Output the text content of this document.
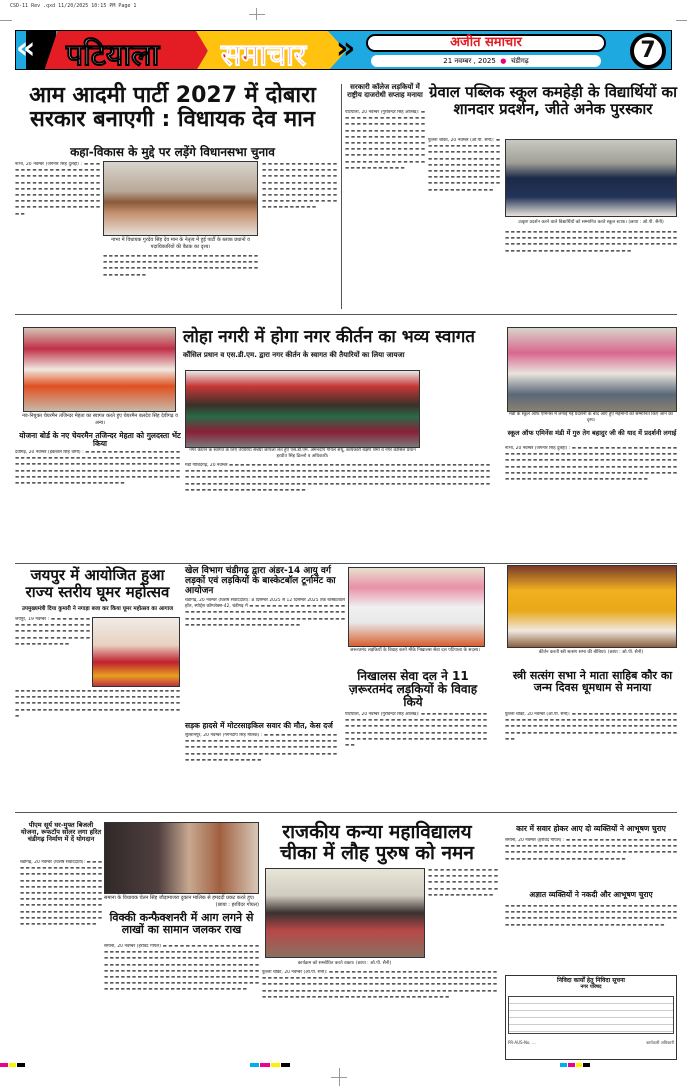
CSD-11 Rev .qxd 11/20/2025 10:15 PM Page 1
« पटियाला समाचार »	अजीत समाचार
21 नवम्बर , 2025  ●  चंडीगढ़	7
आम आदमी पार्टी 2027 में दोबारा सरकार बनाएगी : विधायक देव मान
कहा-विकास के मुद्दे पर लड़ेंगे विधानसभा चुनाव
नाभा, 20 नवम्बर (जगनार सिंह दुलद्दी) : ▬ ▬ ▬ ▬ ▬ ▬ ▬ ▬ ▬ ▬ ▬ ▬ ▬ ▬ ▬ ▬ ▬ ▬ ▬ ▬ ▬ ▬ ▬ ▬ ▬ ▬ ▬ ▬ ▬ ▬ ▬ ▬ ▬ ▬ ▬ ▬ ▬ ▬ ▬ ▬ ▬ ▬ ▬ ▬ ▬ ▬ ▬ ▬ ▬ ▬ ▬ ▬ ▬ ▬ ▬ ▬ ▬ ▬ ▬ ▬ ▬ ▬ ▬ ▬ ▬ ▬ ▬ ▬ ▬ ▬ ▬ ▬ ▬ ▬ ▬ ▬ ▬ ▬ ▬ ▬ ▬ ▬ ▬ ▬ ▬ ▬ ▬ ▬ ▬ ▬ ▬ ▬ ▬ ▬ ▬ ▬ ▬ ▬ ▬ ▬ ▬ ▬ ▬ ▬ ▬ ▬ ▬ ▬ ▬ ▬
नाभा में विधायक गुरदेव सिंह देव मान के नेतृत्व में हुई पार्टी के ब्लाक प्रधानों व पदाधिकारियों की बैठक का दृश्य।
▬ ▬ ▬ ▬ ▬ ▬ ▬ ▬ ▬ ▬ ▬ ▬ ▬ ▬ ▬ ▬ ▬ ▬ ▬ ▬ ▬ ▬ ▬ ▬ ▬ ▬ ▬ ▬ ▬ ▬ ▬ ▬ ▬ ▬ ▬ ▬ ▬ ▬ ▬ ▬ ▬ ▬ ▬ ▬ ▬ ▬ ▬ ▬ ▬ ▬ ▬ ▬ ▬ ▬ ▬ ▬ ▬ ▬ ▬ ▬ ▬ ▬ ▬ ▬ ▬ ▬ ▬ ▬ ▬ ▬ ▬ ▬ ▬ ▬ ▬ ▬ ▬ ▬ ▬ ▬ ▬ ▬ ▬ ▬ ▬ ▬ ▬ ▬ ▬ ▬ ▬ ▬
▬ ▬ ▬ ▬ ▬ ▬ ▬ ▬ ▬ ▬ ▬ ▬ ▬ ▬ ▬ ▬ ▬ ▬ ▬ ▬ ▬ ▬ ▬ ▬ ▬ ▬ ▬ ▬ ▬ ▬ ▬ ▬ ▬ ▬ ▬ ▬ ▬ ▬ ▬ ▬ ▬ ▬ ▬ ▬ ▬ ▬ ▬ ▬ ▬ ▬ ▬ ▬ ▬ ▬ ▬ ▬ ▬ ▬ ▬ ▬ ▬ ▬ ▬ ▬ ▬ ▬ ▬ ▬ ▬ ▬ ▬ ▬ ▬ ▬ ▬ ▬ ▬ ▬ ▬ ▬ ▬ ▬ ▬ ▬ ▬ ▬ ▬ ▬ ▬ ▬ ▬ ▬ ▬ ▬ ▬ ▬ ▬ ▬ ▬ ▬ ▬
सरकारी कॉलेज लड़कियों में राष्ट्रीय दाजरोधी सप्ताह मनाया
पटियाला, 20 नवम्बर (गुरविन्दर सिंह औलख): ▬ ▬ ▬ ▬ ▬ ▬ ▬ ▬ ▬ ▬ ▬ ▬ ▬ ▬ ▬ ▬ ▬ ▬ ▬ ▬ ▬ ▬ ▬ ▬ ▬ ▬ ▬ ▬ ▬ ▬ ▬ ▬ ▬ ▬ ▬ ▬ ▬ ▬ ▬ ▬ ▬ ▬ ▬ ▬ ▬ ▬ ▬ ▬ ▬ ▬ ▬ ▬ ▬ ▬ ▬ ▬ ▬ ▬ ▬ ▬ ▬ ▬ ▬ ▬ ▬ ▬ ▬ ▬ ▬ ▬ ▬ ▬ ▬ ▬ ▬ ▬ ▬ ▬ ▬ ▬ ▬ ▬ ▬ ▬ ▬ ▬ ▬ ▬ ▬ ▬ ▬ ▬ ▬ ▬ ▬ ▬ ▬ ▬ ▬ ▬ ▬ ▬ ▬ ▬ ▬ ▬ ▬ ▬ ▬ ▬ ▬ ▬ ▬ ▬ ▬ ▬ ▬ ▬ ▬ ▬ ▬ ▬ ▬ ▬
ग्रेवाल पब्लिक स्कूल कमहेड़ी के विद्यार्थियों का शानदार प्रदर्शन, जीते अनेक पुरस्कार
फुल्ला चौका, 20 नवम्बर (ओ.पी. सैनी): ▬ ▬ ▬ ▬ ▬ ▬ ▬ ▬ ▬ ▬ ▬ ▬ ▬ ▬ ▬ ▬ ▬ ▬ ▬ ▬ ▬ ▬ ▬ ▬ ▬ ▬ ▬ ▬ ▬ ▬ ▬ ▬ ▬ ▬ ▬ ▬ ▬ ▬ ▬ ▬ ▬ ▬ ▬ ▬ ▬ ▬ ▬ ▬ ▬ ▬ ▬ ▬ ▬ ▬ ▬ ▬ ▬ ▬ ▬ ▬ ▬ ▬ ▬ ▬ ▬ ▬ ▬ ▬ ▬ ▬ ▬ ▬ ▬ ▬ ▬ ▬ ▬ ▬ ▬ ▬ ▬ ▬ ▬ ▬ ▬ ▬ ▬ ▬ ▬ ▬ ▬ ▬ ▬ ▬ ▬ ▬ ▬ ▬ ▬ ▬ ▬ ▬ ▬ ▬
उत्कृष्ट प्रदर्शन करने वाले विद्यार्थियों को सम्मानित करते स्कूल स्टाफ। (छाया : ओ.पी. सैनी)
▬ ▬ ▬ ▬ ▬ ▬ ▬ ▬ ▬ ▬ ▬ ▬ ▬ ▬ ▬ ▬ ▬ ▬ ▬ ▬ ▬ ▬ ▬ ▬ ▬ ▬ ▬ ▬ ▬ ▬ ▬ ▬ ▬ ▬ ▬ ▬ ▬ ▬ ▬ ▬ ▬ ▬ ▬ ▬ ▬ ▬ ▬ ▬ ▬ ▬ ▬ ▬ ▬ ▬ ▬ ▬ ▬ ▬ ▬ ▬ ▬ ▬ ▬ ▬ ▬ ▬ ▬ ▬ ▬ ▬ ▬ ▬ ▬ ▬ ▬ ▬ ▬ ▬ ▬ ▬ ▬ ▬ ▬ ▬ ▬ ▬ ▬ ▬ ▬ ▬ ▬ ▬ ▬ ▬ ▬ ▬ ▬ ▬ ▬ ▬ ▬ ▬ ▬ ▬ ▬ ▬ ▬ ▬ ▬ ▬ ▬ ▬ ▬ ▬ ▬ ▬
नव-नियुक्त चेयरमैन तजिन्दर मेहता का स्वागत करते हुए चेयरमैन बलदेव सिंह देवीगढ़ व अन्य।
योजना बोर्ड के नए चेयरमैन तजिन्दर मेहता को गुलदस्ता भेंट किया
देवीगढ़, 20 नवम्बर (इकबाल सिंह धीमी) : ▬ ▬ ▬ ▬ ▬ ▬ ▬ ▬ ▬ ▬ ▬ ▬ ▬ ▬ ▬ ▬ ▬ ▬ ▬ ▬ ▬ ▬ ▬ ▬ ▬ ▬ ▬ ▬ ▬ ▬ ▬ ▬ ▬ ▬ ▬ ▬ ▬ ▬ ▬ ▬ ▬ ▬ ▬ ▬ ▬ ▬ ▬ ▬ ▬ ▬ ▬ ▬ ▬ ▬ ▬ ▬ ▬ ▬ ▬ ▬ ▬ ▬ ▬ ▬ ▬ ▬ ▬ ▬ ▬ ▬ ▬ ▬ ▬ ▬ ▬ ▬ ▬ ▬ ▬ ▬ ▬ ▬ ▬ ▬ ▬ ▬ ▬ ▬ ▬ ▬ ▬ ▬ ▬ ▬ ▬ ▬ ▬ ▬ ▬ ▬ ▬ ▬ ▬ ▬ ▬ ▬ ▬ ▬ ▬ ▬ ▬ ▬ ▬ ▬ ▬ ▬ ▬ ▬ ▬ ▬ ▬ ▬ ▬ ▬ ▬ ▬ ▬ ▬ ▬ ▬ ▬ ▬ ▬ ▬ ▬ ▬ ▬ ▬ ▬ ▬ ▬ ▬ ▬ ▬ ▬ ▬ ▬ ▬ ▬ ▬ ▬ ▬ ▬ ▬ ▬ ▬ ▬
लोहा नगरी में होगा नगर कीर्तन का भव्य स्वागत
कौंसिल प्रधान व एस.डी.एम. द्वारा नगर कीर्तन के स्वागत की तैयारियों का लिया जायजा
नगर कीर्तन के स्वागत के लिए तैयारियों संबंधी जायजा लेते हुए एस.डी.एम. अमनदीप गोयल संधू, कार्यकारी बेक्षण शर्मा व नगर कौंसिल प्रधान हरप्रीत सिंह ढिल्लो व अधिकारी।
मंडी गोबिंदगढ़, 20 नवम्बर ▬ ▬ ▬ ▬ ▬ ▬ ▬ ▬ ▬ ▬ ▬ ▬ ▬ ▬ ▬ ▬ ▬ ▬ ▬ ▬ ▬ ▬ ▬ ▬ ▬ ▬ ▬ ▬ ▬ ▬ ▬ ▬ ▬ ▬ ▬ ▬ ▬ ▬ ▬ ▬ ▬ ▬ ▬ ▬ ▬ ▬ ▬ ▬ ▬ ▬ ▬ ▬ ▬ ▬ ▬ ▬ ▬ ▬ ▬ ▬ ▬ ▬ ▬ ▬ ▬ ▬ ▬ ▬ ▬ ▬ ▬ ▬ ▬ ▬ ▬ ▬ ▬ ▬ ▬ ▬ ▬ ▬ ▬ ▬ ▬ ▬ ▬ ▬ ▬ ▬ ▬ ▬ ▬ ▬ ▬ ▬ ▬ ▬ ▬ ▬ ▬ ▬ ▬ ▬ ▬ ▬ ▬ ▬ ▬ ▬ ▬ ▬ ▬ ▬ ▬ ▬ ▬ ▬ ▬ ▬ ▬ ▬ ▬ ▬ ▬ ▬ ▬ ▬ ▬ ▬ ▬ ▬ ▬ ▬ ▬ ▬ ▬ ▬ ▬ ▬ ▬ ▬ ▬ ▬ ▬ ▬ ▬ ▬ ▬ ▬ ▬ ▬ ▬ ▬ ▬ ▬ ▬ ▬ ▬ ▬ ▬ ▬ ▬ ▬ ▬ ▬ ▬ ▬ ▬ ▬ ▬ ▬ ▬ ▬ ▬ ▬ ▬ ▬ ▬ ▬ ▬ ▬ ▬ ▬ ▬ ▬ ▬ ▬ ▬ ▬ ▬ ▬ ▬ ▬ ▬ ▬ ▬ ▬ ▬ ▬ ▬ ▬ ▬ ▬ ▬ ▬ ▬ ▬ ▬ ▬ ▬ ▬ ▬ ▬ ▬ ▬ ▬ ▬ ▬ ▬ ▬ ▬ ▬ ▬ ▬ ▬ ▬ ▬ ▬ ▬ ▬ ▬ ▬ ▬
मंडी के स्कूल ऑफ एमिनेंस में लगाई गई प्रदर्शनी के बाद आए हुए मेहमानों को सम्मानित किए जाने का दृश्य।
स्कूल ऑफ एमिनेंस मंडी में गुरु तेग बहादुर जी की याद में प्रदर्शनी लगाई
नाभा, 20 नवम्बर (जगनार सिंह दुलद्दी) : ▬ ▬ ▬ ▬ ▬ ▬ ▬ ▬ ▬ ▬ ▬ ▬ ▬ ▬ ▬ ▬ ▬ ▬ ▬ ▬ ▬ ▬ ▬ ▬ ▬ ▬ ▬ ▬ ▬ ▬ ▬ ▬ ▬ ▬ ▬ ▬ ▬ ▬ ▬ ▬ ▬ ▬ ▬ ▬ ▬ ▬ ▬ ▬ ▬ ▬ ▬ ▬ ▬ ▬ ▬ ▬ ▬ ▬ ▬ ▬ ▬ ▬ ▬ ▬ ▬ ▬ ▬ ▬ ▬ ▬ ▬ ▬ ▬ ▬ ▬ ▬ ▬ ▬ ▬ ▬ ▬ ▬ ▬ ▬ ▬ ▬ ▬ ▬ ▬ ▬ ▬ ▬ ▬ ▬ ▬ ▬ ▬ ▬ ▬ ▬ ▬ ▬ ▬ ▬ ▬ ▬ ▬ ▬ ▬ ▬ ▬ ▬ ▬ ▬ ▬ ▬ ▬ ▬ ▬ ▬ ▬ ▬ ▬ ▬ ▬ ▬ ▬ ▬ ▬ ▬ ▬ ▬ ▬ ▬ ▬ ▬ ▬ ▬ ▬ ▬ ▬ ▬ ▬ ▬ ▬ ▬ ▬ ▬ ▬ ▬ ▬ ▬ ▬ ▬ ▬ ▬ ▬ ▬ ▬ ▬ ▬ ▬ ▬ ▬ ▬ ▬ ▬ ▬ ▬
जयपुर में आयोजित हुआ राज्य स्तरीय घूमर महोत्सव
उपमुख्यमंत्री दिया कुमारी ने नगाड़ा बजा कर किया घूमर महोत्सव का आगाज
जयपुर, 19 नवम्बर : ▬ ▬ ▬ ▬ ▬ ▬ ▬ ▬ ▬ ▬ ▬ ▬ ▬ ▬ ▬ ▬ ▬ ▬ ▬ ▬ ▬ ▬ ▬ ▬ ▬ ▬ ▬ ▬ ▬ ▬ ▬ ▬ ▬ ▬ ▬ ▬ ▬ ▬ ▬ ▬ ▬ ▬ ▬ ▬ ▬ ▬ ▬ ▬ ▬ ▬ ▬ ▬ ▬ ▬ ▬ ▬
▬ ▬ ▬ ▬ ▬ ▬ ▬ ▬ ▬ ▬ ▬ ▬ ▬ ▬ ▬ ▬ ▬ ▬ ▬ ▬ ▬ ▬ ▬ ▬ ▬ ▬ ▬ ▬ ▬ ▬ ▬ ▬ ▬ ▬ ▬ ▬ ▬ ▬ ▬ ▬ ▬ ▬ ▬ ▬ ▬ ▬ ▬ ▬ ▬ ▬ ▬ ▬ ▬ ▬ ▬ ▬ ▬ ▬ ▬ ▬ ▬ ▬ ▬ ▬ ▬ ▬ ▬ ▬ ▬ ▬ ▬ ▬ ▬ ▬ ▬ ▬ ▬ ▬ ▬ ▬ ▬ ▬ ▬ ▬ ▬ ▬ ▬ ▬ ▬ ▬ ▬ ▬ ▬ ▬ ▬ ▬ ▬ ▬ ▬ ▬ ▬ ▬ ▬ ▬ ▬ ▬ ▬ ▬ ▬ ▬ ▬ ▬ ▬ ▬ ▬ ▬ ▬ ▬ ▬ ▬ ▬
खेल विभाग चंडीगढ़ द्वारा अंडर-14 आयु वर्ग लड़कों एवं लड़कियों के बास्केटबॉल टूर्नामेंट का आयोजन
चंडीगढ़, 20 नवम्बर (विशेष संवाददाता): 8 दिसम्बर 2025 से 12 दिसम्बर 2025 तक बास्केटबॉल हॉल, स्पोर्ट्स कॉम्प्लेक्स-42, चंडीगढ़ में ▬ ▬ ▬ ▬ ▬ ▬ ▬ ▬ ▬ ▬ ▬ ▬ ▬ ▬ ▬ ▬ ▬ ▬ ▬ ▬ ▬ ▬ ▬ ▬ ▬ ▬ ▬ ▬ ▬ ▬ ▬ ▬ ▬ ▬ ▬ ▬ ▬ ▬ ▬ ▬ ▬ ▬ ▬ ▬ ▬ ▬ ▬ ▬ ▬ ▬ ▬ ▬ ▬ ▬ ▬ ▬ ▬ ▬ ▬ ▬ ▬ ▬ ▬ ▬ ▬ ▬ ▬ ▬ ▬ ▬ ▬ ▬ ▬ ▬ ▬ ▬ ▬ ▬ ▬ ▬ ▬ ▬ ▬ ▬ ▬ ▬ ▬ ▬ ▬ ▬ ▬ ▬ ▬ ▬ ▬ ▬
जरूरतमंद लड़कियों के विवाह करने मौके निखालस सेवा दल पटियाला के सदस्य।	कीर्तन करती स्त्री सत्संग सभा की बीबियां। (छाया : ओ.पी. सैनी)
निखालस सेवा दल ने 11 ज़रूरतमंद लड़कियों के विवाह किये
पटियाला, 20 नवम्बर (गुरविन्दर सिंह औलख): ▬ ▬ ▬ ▬ ▬ ▬ ▬ ▬ ▬ ▬ ▬ ▬ ▬ ▬ ▬ ▬ ▬ ▬ ▬ ▬ ▬ ▬ ▬ ▬ ▬ ▬ ▬ ▬ ▬ ▬ ▬ ▬ ▬ ▬ ▬ ▬ ▬ ▬ ▬ ▬ ▬ ▬ ▬ ▬ ▬ ▬ ▬ ▬ ▬ ▬ ▬ ▬ ▬ ▬ ▬ ▬ ▬ ▬ ▬ ▬ ▬ ▬ ▬ ▬ ▬ ▬ ▬ ▬ ▬ ▬ ▬ ▬ ▬ ▬ ▬ ▬ ▬ ▬ ▬ ▬ ▬ ▬ ▬ ▬ ▬ ▬ ▬ ▬ ▬ ▬ ▬ ▬ ▬ ▬ ▬ ▬ ▬ ▬ ▬ ▬ ▬ ▬ ▬ ▬ ▬ ▬ ▬ ▬ ▬ ▬ ▬ ▬ ▬ ▬
स्त्री सत्संग सभा ने माता साहिब कौर का जन्म दिवस धूमधाम से मनाया
फुल्ला चौका, 20 नवम्बर (ओ.पी. सैनी): ▬ ▬ ▬ ▬ ▬ ▬ ▬ ▬ ▬ ▬ ▬ ▬ ▬ ▬ ▬ ▬ ▬ ▬ ▬ ▬ ▬ ▬ ▬ ▬ ▬ ▬ ▬ ▬ ▬ ▬ ▬ ▬ ▬ ▬ ▬ ▬ ▬ ▬ ▬ ▬ ▬ ▬ ▬ ▬ ▬ ▬ ▬ ▬ ▬ ▬ ▬ ▬ ▬ ▬ ▬ ▬ ▬ ▬ ▬ ▬ ▬ ▬ ▬ ▬ ▬ ▬ ▬ ▬ ▬ ▬ ▬ ▬ ▬ ▬ ▬ ▬ ▬ ▬ ▬ ▬ ▬ ▬ ▬ ▬ ▬ ▬ ▬ ▬ ▬ ▬ ▬ ▬ ▬ ▬ ▬ ▬ ▬ ▬ ▬ ▬ ▬ ▬ ▬ ▬ ▬ ▬ ▬ ▬ ▬ ▬ ▬ ▬ ▬ ▬
सड़क हादसे में मोटरसाइकिल सवार की मौत, केस दर्ज
सुल्तानपुर, 20 नवम्बर (गगनदीप सिंह मलिक) : ▬ ▬ ▬ ▬ ▬ ▬ ▬ ▬ ▬ ▬ ▬ ▬ ▬ ▬ ▬ ▬ ▬ ▬ ▬ ▬ ▬ ▬ ▬ ▬ ▬ ▬ ▬ ▬ ▬ ▬ ▬ ▬ ▬ ▬ ▬ ▬ ▬ ▬ ▬ ▬ ▬ ▬ ▬ ▬ ▬ ▬ ▬ ▬ ▬ ▬ ▬ ▬ ▬ ▬ ▬ ▬ ▬ ▬ ▬ ▬ ▬ ▬ ▬ ▬ ▬ ▬ ▬ ▬ ▬ ▬ ▬ ▬ ▬ ▬ ▬ ▬ ▬ ▬ ▬ ▬ ▬ ▬ ▬ ▬ ▬ ▬ ▬ ▬ ▬ ▬ ▬ ▬ ▬ ▬ ▬ ▬ ▬ ▬ ▬ ▬ ▬ ▬ ▬ ▬ ▬ ▬ ▬ ▬
पीएम सूर्य घर-मुफ्त बिजली योजना, रूफटॉप सोलर लगा हरित चंडीगढ़ निर्माण में दें योगदान
चंडीगढ़, 20 नवम्बर (विशेष संवाददाता): ▬ ▬ ▬ ▬ ▬ ▬ ▬ ▬ ▬ ▬ ▬ ▬ ▬ ▬ ▬ ▬ ▬ ▬ ▬ ▬ ▬ ▬ ▬ ▬ ▬ ▬ ▬ ▬ ▬ ▬ ▬ ▬ ▬ ▬ ▬ ▬ ▬ ▬ ▬ ▬ ▬ ▬ ▬ ▬ ▬ ▬ ▬ ▬ ▬ ▬ ▬ ▬ ▬ ▬ ▬ ▬ ▬ ▬ ▬ ▬ ▬ ▬ ▬ ▬ ▬ ▬ ▬ ▬ ▬ ▬ ▬ ▬ ▬ ▬ ▬ ▬ ▬ ▬ ▬ ▬ ▬ ▬ ▬ ▬ ▬ ▬ ▬ ▬ ▬ ▬ ▬ ▬ ▬ ▬ ▬ ▬ ▬ ▬ ▬ ▬ ▬ ▬ ▬ ▬ ▬ ▬ ▬ ▬ ▬ ▬ ▬ ▬ ▬ ▬ ▬ ▬ ▬ ▬ ▬ ▬ ▬ ▬ ▬ ▬ ▬ ▬ ▬ ▬ ▬ ▬ ▬ ▬ ▬ ▬ ▬ ▬ ▬ ▬ ▬ ▬ ▬ ▬ ▬ ▬ ▬ ▬ ▬ ▬ ▬ ▬ ▬ ▬
समाना के विधायक चेतन सिंह जौड़ामाजरा दुकान मालिक से हमदर्दी प्रकट करते हुए।
(छाया : हरविंदर गोयल)
विक्की कन्फैक्शनरी में आग लगने से लाखों का सामान जलकर राख
समाना, 20 नवम्बर (हरविंद गोयल) ▬ ▬ ▬ ▬ ▬ ▬ ▬ ▬ ▬ ▬ ▬ ▬ ▬ ▬ ▬ ▬ ▬ ▬ ▬ ▬ ▬ ▬ ▬ ▬ ▬ ▬ ▬ ▬ ▬ ▬ ▬ ▬ ▬ ▬ ▬ ▬ ▬ ▬ ▬ ▬ ▬ ▬ ▬ ▬ ▬ ▬ ▬ ▬ ▬ ▬ ▬ ▬ ▬ ▬ ▬ ▬ ▬ ▬ ▬ ▬ ▬ ▬ ▬ ▬ ▬ ▬ ▬ ▬ ▬ ▬ ▬ ▬ ▬ ▬ ▬ ▬ ▬ ▬ ▬ ▬ ▬ ▬ ▬ ▬ ▬ ▬ ▬ ▬ ▬ ▬ ▬ ▬ ▬ ▬ ▬ ▬ ▬ ▬ ▬ ▬ ▬ ▬ ▬ ▬ ▬ ▬ ▬ ▬ ▬ ▬ ▬ ▬ ▬ ▬ ▬ ▬ ▬ ▬ ▬ ▬ ▬ ▬ ▬ ▬ ▬ ▬ ▬ ▬ ▬ ▬ ▬ ▬ ▬ ▬ ▬ ▬ ▬ ▬ ▬ ▬ ▬ ▬ ▬ ▬ ▬ ▬ ▬ ▬ ▬ ▬ ▬ ▬ ▬ ▬ ▬ ▬ ▬ ▬ ▬ ▬ ▬ ▬ ▬ ▬ ▬ ▬ ▬ ▬ ▬ ▬ ▬ ▬ ▬ ▬ ▬ ▬ ▬ ▬ ▬ ▬ ▬ ▬ ▬ ▬ ▬ ▬ ▬ ▬ ▬ ▬ ▬ ▬ ▬ ▬ ▬ ▬ ▬ ▬ ▬ ▬ ▬ ▬ ▬ ▬ ▬ ▬ ▬ ▬ ▬ ▬ ▬
राजकीय कन्या महाविद्यालय चीका में लौह पुरुष को नमन
कार्यक्रम को सम्बोधित करते वक्ता। (छाया : ओ.पी. सैनी)
▬ ▬ ▬ ▬ ▬ ▬ ▬ ▬ ▬ ▬ ▬ ▬ ▬ ▬ ▬ ▬ ▬ ▬ ▬ ▬ ▬ ▬ ▬ ▬ ▬ ▬ ▬ ▬ ▬ ▬ ▬ ▬ ▬ ▬ ▬ ▬ ▬ ▬ ▬ ▬ ▬ ▬ ▬ ▬ ▬ ▬ ▬ ▬ ▬ ▬ ▬ ▬ ▬ ▬ ▬ ▬ ▬ ▬ ▬ ▬
फुल्ला चौका, 20 नवम्बर (ओ.पी. सैनी): ▬ ▬ ▬ ▬ ▬ ▬ ▬ ▬ ▬ ▬ ▬ ▬ ▬ ▬ ▬ ▬ ▬ ▬ ▬ ▬ ▬ ▬ ▬ ▬ ▬ ▬ ▬ ▬ ▬ ▬ ▬ ▬ ▬ ▬ ▬ ▬ ▬ ▬ ▬ ▬ ▬ ▬ ▬ ▬ ▬ ▬ ▬ ▬ ▬ ▬ ▬ ▬ ▬ ▬ ▬ ▬ ▬ ▬ ▬ ▬ ▬ ▬ ▬ ▬ ▬ ▬ ▬ ▬ ▬ ▬ ▬ ▬ ▬ ▬ ▬ ▬ ▬ ▬ ▬ ▬ ▬ ▬ ▬ ▬ ▬ ▬ ▬ ▬ ▬ ▬ ▬ ▬ ▬ ▬ ▬ ▬ ▬ ▬ ▬ ▬ ▬ ▬ ▬ ▬ ▬ ▬ ▬ ▬ ▬ ▬ ▬ ▬ ▬ ▬ ▬ ▬ ▬ ▬ ▬ ▬ ▬ ▬ ▬ ▬ ▬ ▬ ▬ ▬ ▬ ▬ ▬ ▬ ▬ ▬ ▬ ▬ ▬ ▬ ▬ ▬ ▬ ▬ ▬ ▬ ▬ ▬ ▬ ▬ ▬ ▬ ▬ ▬ ▬ ▬ ▬ ▬ ▬ ▬ ▬ ▬ ▬ ▬ ▬ ▬ ▬ ▬ ▬ ▬ ▬ ▬ ▬ ▬ ▬ ▬ ▬ ▬ ▬ ▬ ▬ ▬ ▬ ▬ ▬ ▬ ▬ ▬ ▬ ▬ ▬ ▬
कार में सवार होकर आए दो व्यक्तियों ने आभूषण चुराए
समाना, 20 नवम्बर (हरविंद गोयल) : ▬ ▬ ▬ ▬ ▬ ▬ ▬ ▬ ▬ ▬ ▬ ▬ ▬ ▬ ▬ ▬ ▬ ▬ ▬ ▬ ▬ ▬ ▬ ▬ ▬ ▬ ▬ ▬ ▬ ▬ ▬ ▬ ▬ ▬ ▬ ▬ ▬ ▬ ▬ ▬ ▬ ▬ ▬ ▬ ▬ ▬ ▬ ▬ ▬ ▬ ▬ ▬ ▬ ▬ ▬ ▬ ▬ ▬ ▬ ▬ ▬ ▬ ▬ ▬ ▬ ▬ ▬ ▬ ▬ ▬ ▬ ▬ ▬ ▬ ▬ ▬ ▬ ▬ ▬ ▬ ▬ ▬ ▬ ▬ ▬ ▬ ▬ ▬ ▬ ▬ ▬ ▬ ▬ ▬ ▬ ▬ ▬ ▬ ▬ ▬ ▬ ▬ ▬ ▬
अज्ञात व्यक्तियों ने नकदी और आभूषण चुराए
▬ ▬ ▬ ▬ ▬ ▬ ▬ ▬ ▬ ▬ ▬ ▬ ▬ ▬ ▬ ▬ ▬ ▬ ▬ ▬ ▬ ▬ ▬ ▬ ▬ ▬ ▬ ▬ ▬ ▬ ▬ ▬ ▬ ▬ ▬ ▬ ▬ ▬ ▬ ▬ ▬ ▬ ▬ ▬ ▬ ▬ ▬ ▬ ▬ ▬ ▬ ▬ ▬ ▬ ▬ ▬ ▬ ▬ ▬ ▬ ▬ ▬ ▬ ▬ ▬ ▬ ▬ ▬ ▬ ▬ ▬ ▬ ▬ ▬ ▬ ▬ ▬ ▬ ▬ ▬ ▬ ▬ ▬ ▬ ▬ ▬ ▬ ▬ ▬ ▬ ▬ ▬ ▬ ▬ ▬ ▬ ▬ ▬ ▬ ▬ ▬ ▬ ▬ ▬ ▬ ▬ ▬ ▬ ▬ ▬ ▬ ▬ ▬ ▬ ▬ ▬ ▬ ▬ ▬ ▬ ▬ ▬
निविदा कार्यों हेतु निविदा सूचना
नगर परिषद
PR-AUS-No. ...	कार्यकारी अधिकारी
